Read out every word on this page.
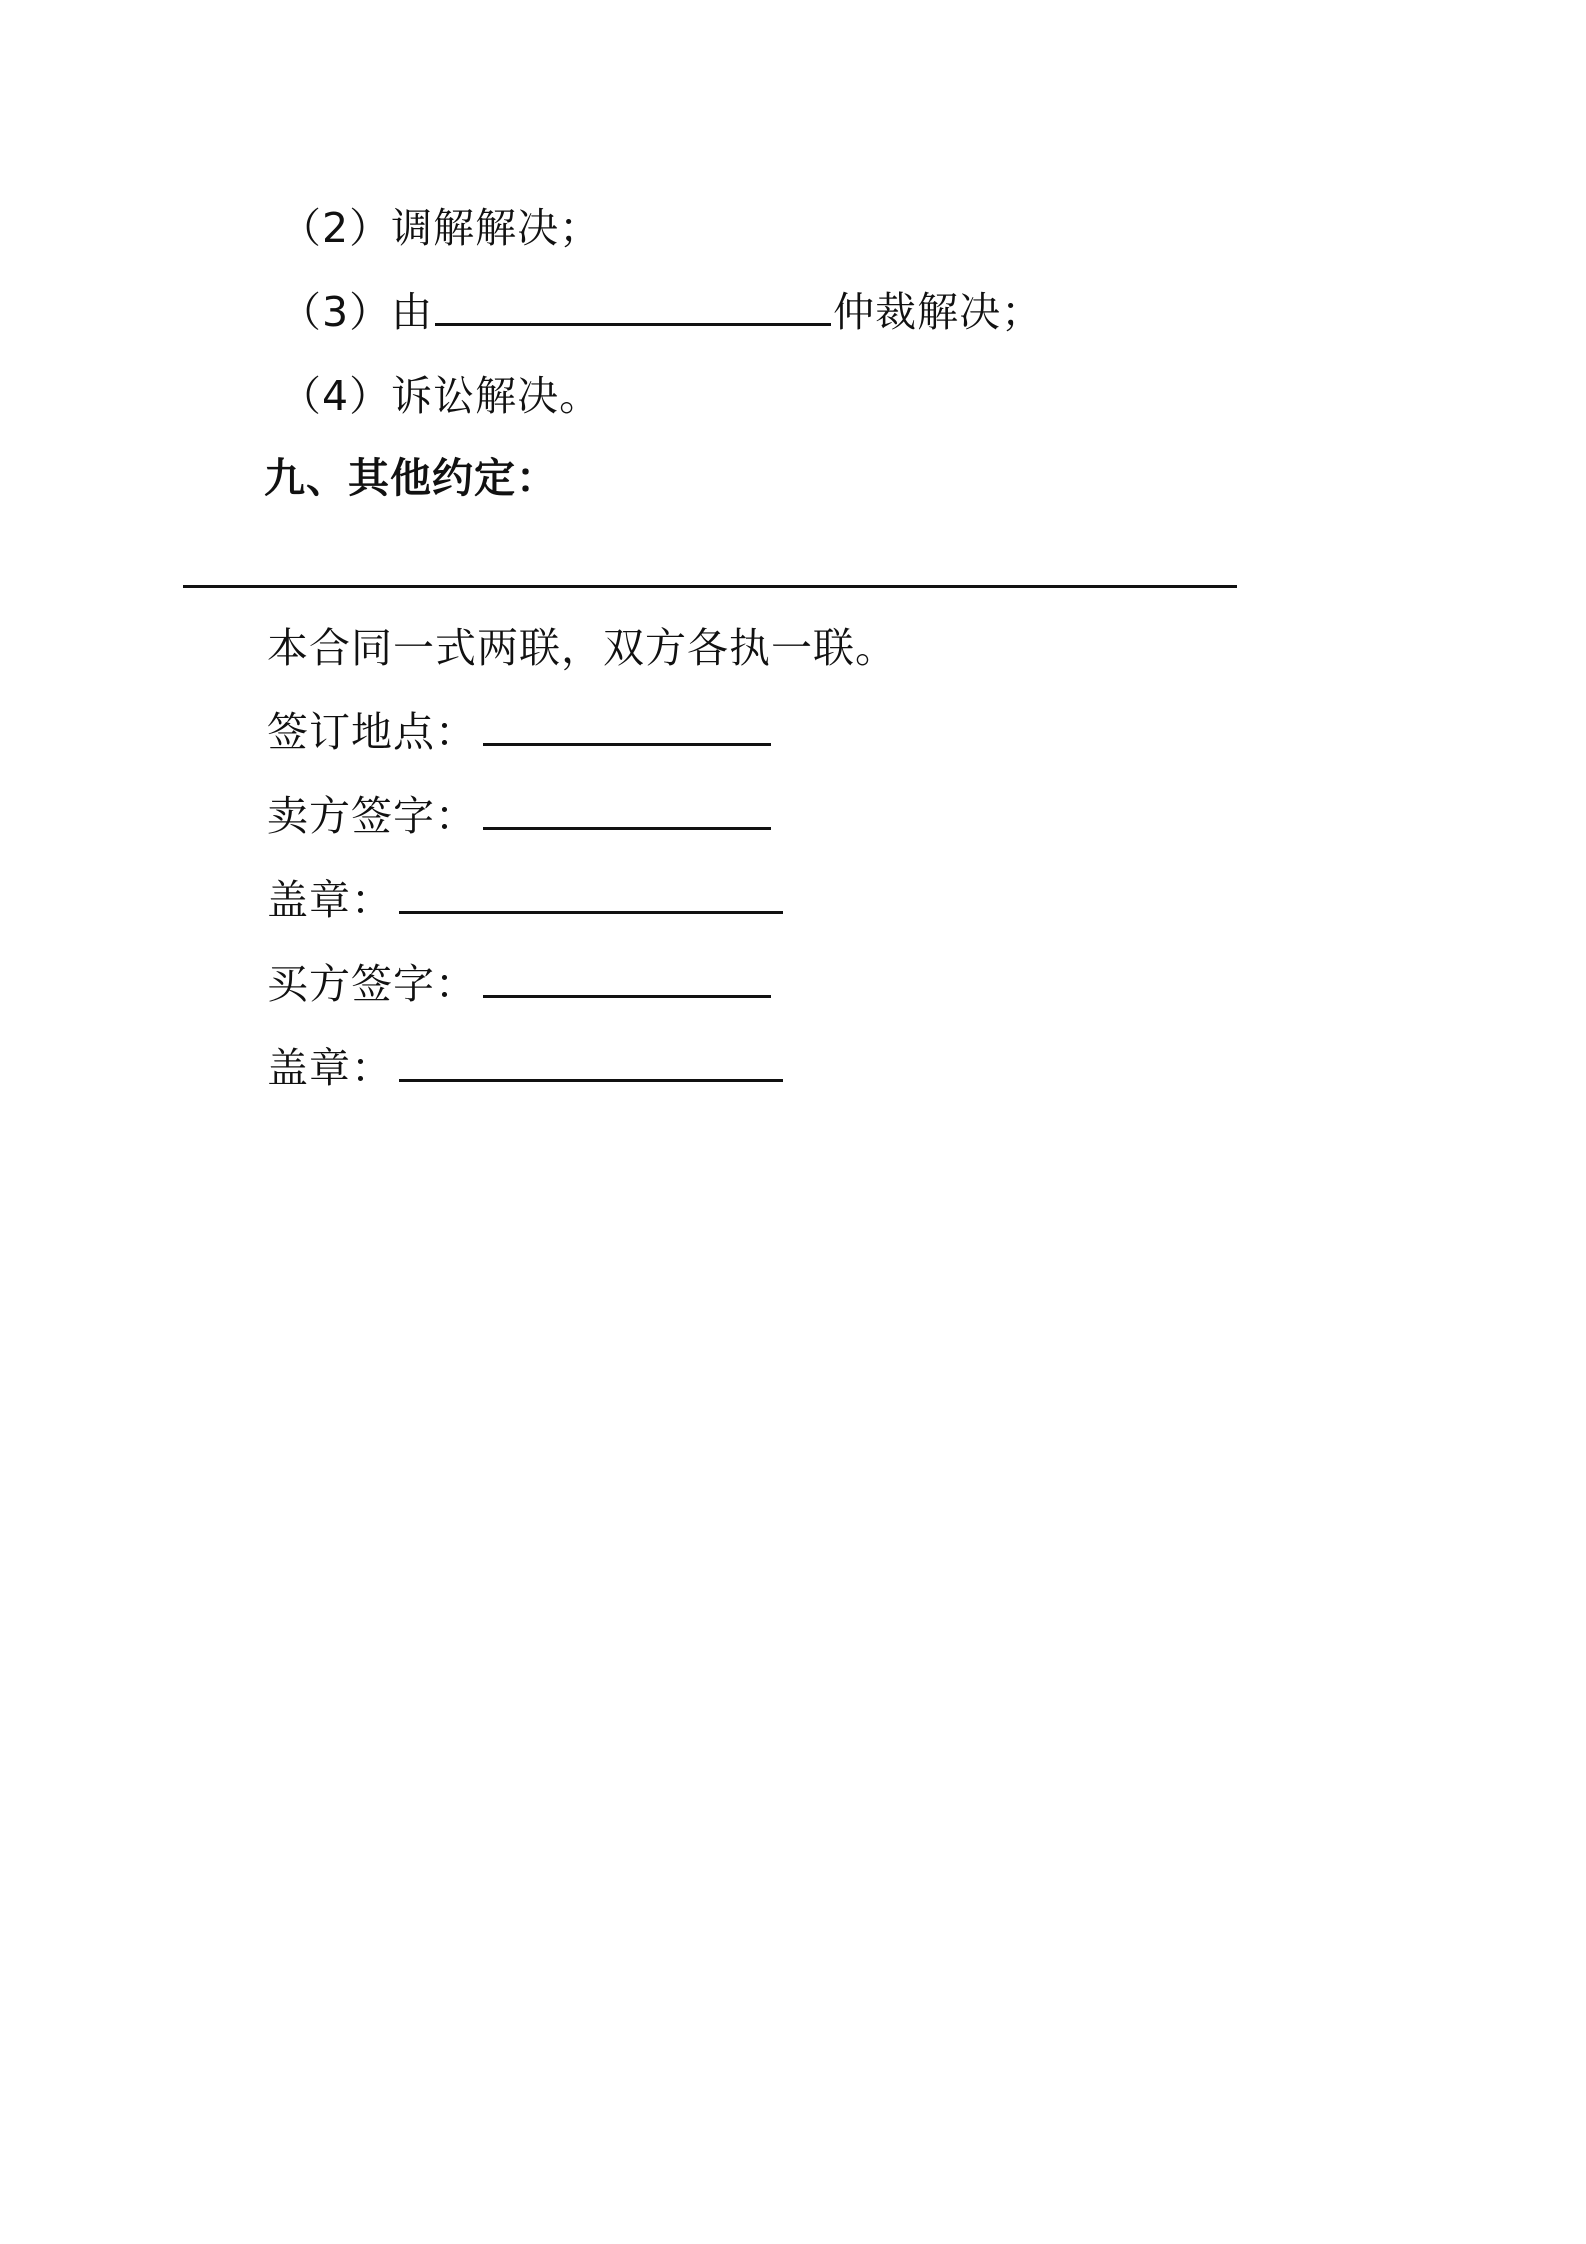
（2）调解解决；
（3）由	仲裁解决；
（4）诉讼解决。
九、其他约定：
本合同一式两联，双方各执一联。
签订地点：
卖方签字：
盖章：
买方签字：
盖章：
